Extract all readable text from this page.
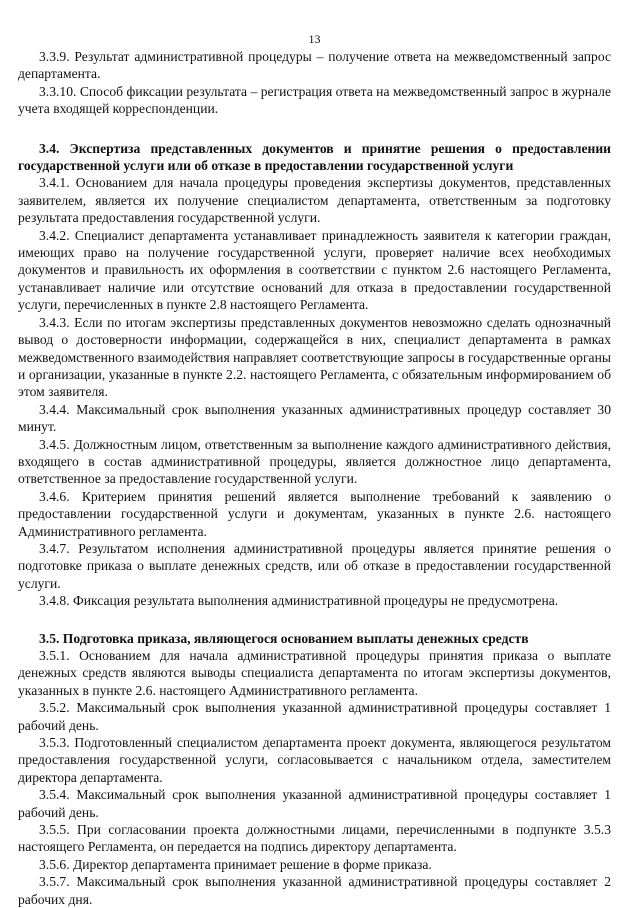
13

3.3.9. Результат административной процедуры – получение ответа на межведомственный запрос департамента.

3.3.10. Способ фиксации результата – регистрация ответа на межведомственный запрос в журнале учета входящей корреспонденции.

3.4. Экспертиза представленных документов и принятие решения о предоставлении государственной услуги или об отказе в предоставлении государственной услуги

3.4.1. Основанием для начала процедуры проведения экспертизы документов, представленных заявителем, является их получение специалистом департамента, ответственным за подготовку результата предоставления государственной услуги.

3.4.2. Специалист департамента устанавливает принадлежность заявителя к категории граждан, имеющих право на получение государственной услуги, проверяет наличие всех необходимых документов и правильность их оформления в соответствии с пунктом 2.6 настоящего Регламента, устанавливает наличие или отсутствие оснований для отказа в предоставлении государственной услуги, перечисленных в пункте 2.8 настоящего Регламента.

3.4.3. Если по итогам экспертизы представленных документов невозможно сделать однозначный вывод о достоверности информации, содержащейся в них, специалист департамента в рамках межведомственного взаимодействия направляет соответствующие запросы в государственные органы и организации, указанные в пункте 2.2. настоящего Регламента, с обязательным информированием об этом заявителя.

3.4.4. Максимальный срок выполнения указанных административных процедур составляет 30 минут.

3.4.5. Должностным лицом, ответственным за выполнение каждого административного действия, входящего в состав административной процедуры, является должностное лицо департамента, ответственное за предоставление государственной услуги.

3.4.6. Критерием принятия решений является выполнение требований к заявлению о предоставлении государственной услуги и документам, указанных в пункте 2.6. настоящего Административного регламента.

3.4.7. Результатом исполнения административной процедуры является принятие решения о подготовке приказа о выплате денежных средств, или об отказе в предоставлении государственной услуги.

3.4.8. Фиксация результата выполнения административной процедуры не предусмотрена.

3.5. Подготовка приказа, являющегося основанием выплаты денежных средств

3.5.1. Основанием для начала административной процедуры принятия приказа о выплате денежных средств являются выводы специалиста департамента по итогам экспертизы документов, указанных в пункте 2.6. настоящего Административного регламента.

3.5.2. Максимальный срок выполнения указанной административной процедуры составляет 1 рабочий день.

3.5.3. Подготовленный специалистом департамента проект документа, являющегося результатом предоставления государственной услуги, согласовывается с начальником отдела, заместителем директора департамента.

3.5.4. Максимальный срок выполнения указанной административной процедуры составляет 1 рабочий день.

3.5.5. При согласовании проекта должностными лицами, перечисленными в подпункте 3.5.3 настоящего Регламента, он передается на подпись директору департамента.

3.5.6. Директор департамента принимает решение в форме приказа.

3.5.7. Максимальный срок выполнения указанной административной процедуры составляет 2 рабочих дня.
